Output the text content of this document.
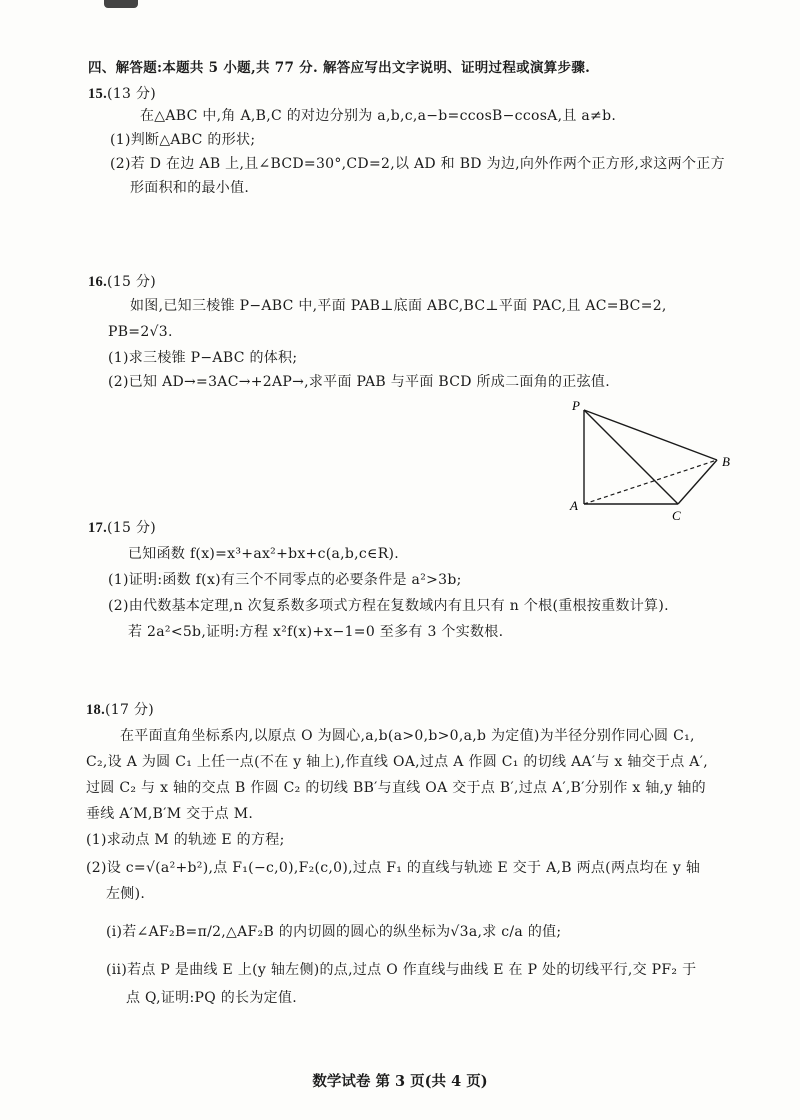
四、解答题:本题共 5 小题,共 77 分. 解答应写出文字说明、证明过程或演算步骤.
15.(13 分)
在△ABC 中,角 A,B,C 的对边分别为 a,b,c,a−b=ccosB−ccosA,且 a≠b.
(1)判断△ABC 的形状;
(2)若 D 在边 AB 上,且∠BCD=30°,CD=2,以 AD 和 BD 为边,向外作两个正方形,求这两个正方
形面积和的最小值.
16.(15 分)
如图,已知三棱锥 P−ABC 中,平面 PAB⊥底面 ABC,BC⊥平面 PAC,且 AC=BC=2,
PB=2√3.
(1)求三棱锥 P−ABC 的体积;
(2)已知 AD→=3AC→+2AP→,求平面 PAB 与平面 BCD 所成二面角的正弦值.
P
A
B
C
17.(15 分)
已知函数 f(x)=x³+ax²+bx+c(a,b,c∈R).
(1)证明:函数 f(x)有三个不同零点的必要条件是 a²>3b;
(2)由代数基本定理,n 次复系数多项式方程在复数域内有且只有 n 个根(重根按重数计算).
若 2a²<5b,证明:方程 x²f(x)+x−1=0 至多有 3 个实数根.
18.(17 分)
在平面直角坐标系内,以原点 O 为圆心,a,b(a>0,b>0,a,b 为定值)为半径分别作同心圆 C₁,
C₂,设 A 为圆 C₁ 上任一点(不在 y 轴上),作直线 OA,过点 A 作圆 C₁ 的切线 AA′与 x 轴交于点 A′,
过圆 C₂ 与 x 轴的交点 B 作圆 C₂ 的切线 BB′与直线 OA 交于点 B′,过点 A′,B′分别作 x 轴,y 轴的
垂线 A′M,B′M 交于点 M.
(1)求动点 M 的轨迹 E 的方程;
(2)设 c=√(a²+b²),点 F₁(−c,0),F₂(c,0),过点 F₁ 的直线与轨迹 E 交于 A,B 两点(两点均在 y 轴
左侧).
(i)若∠AF₂B=π/2,△AF₂B 的内切圆的圆心的纵坐标为√3a,求 c/a 的值;
(ii)若点 P 是曲线 E 上(y 轴左侧)的点,过点 O 作直线与曲线 E 在 P 处的切线平行,交 PF₂ 于
点 Q,证明:PQ 的长为定值.
数学试卷 第 3 页(共 4 页)
